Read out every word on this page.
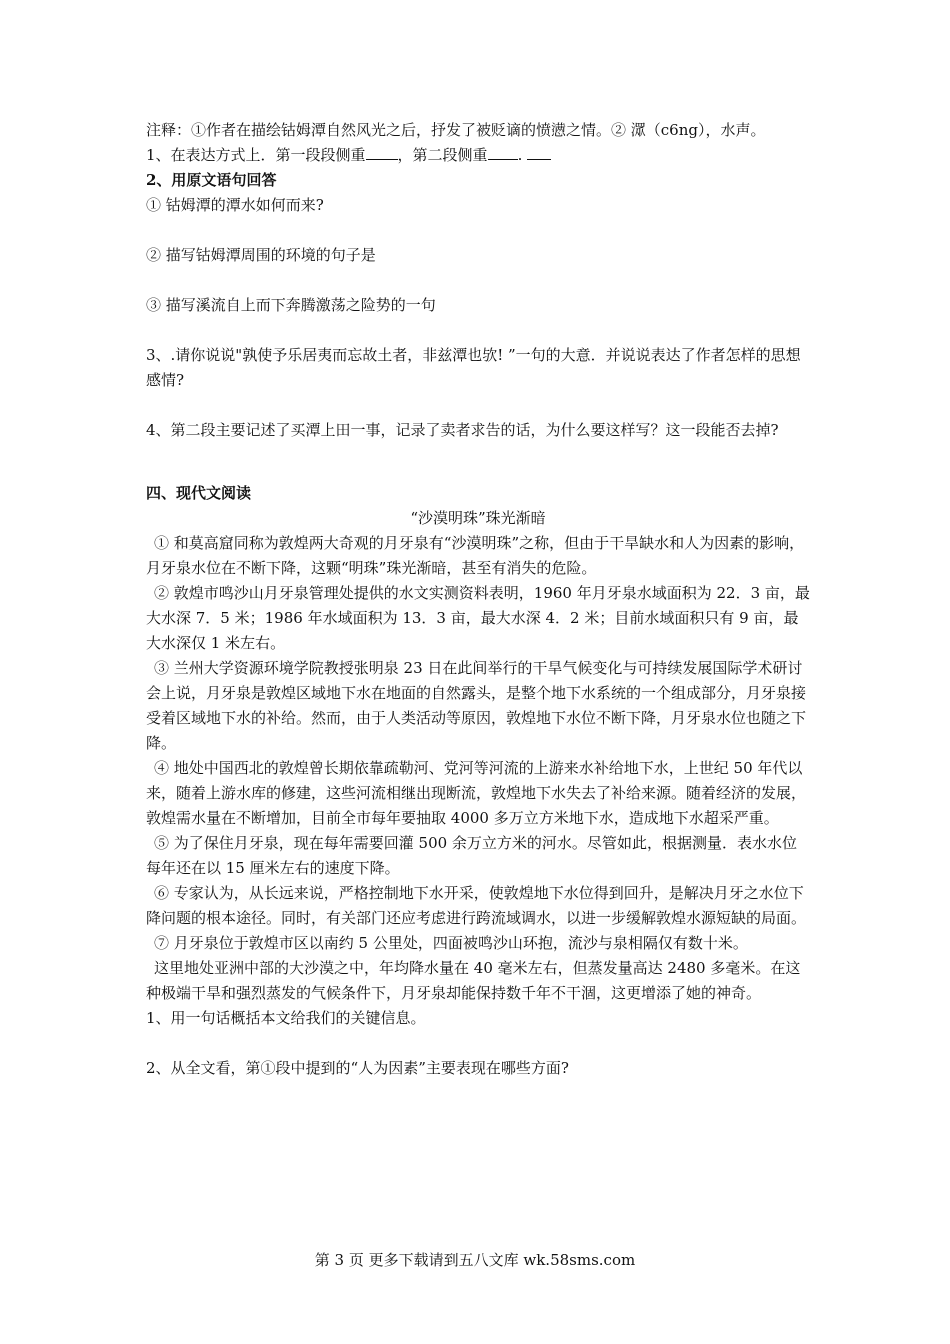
注释：①作者在描绘钴姆潭自然风光之后，抒发了被贬谪的愤懑之情。② 潀（c6ng），水声。

1、在表达方式上．第一段段侧重 ，第二段侧重 .

2、用原文语句回答

① 钴姆潭的潭水如何而来?

② 描写钴姆潭周围的环境的句子是

③ 描写溪流自上而下奔腾激荡之险势的一句

3、.请你说说"孰使予乐居夷而忘故土者，非兹潭也欤! ”一句的大意．并说说表达了作者怎样的思想感情?

4、第二段主要记述了买潭上田一事，记录了卖者求告的话，为什么要这样写？这一段能否去掉?

四、现代文阅读

“沙漠明珠”珠光渐暗

① 和莫高窟同称为敦煌两大奇观的月牙泉有“沙漠明珠”之称，但由于干旱缺水和人为因素的影响，月牙泉水位在不断下降，这颗“明珠”珠光渐暗，甚至有消失的危险。

② 敦煌市鸣沙山月牙泉管理处提供的水文实测资料表明，1960 年月牙泉水域面积为 22．3 亩，最大水深 7．5 米；1986 年水域面积为 13．3 亩，最大水深 4．2 米；目前水域面积只有 9 亩，最大水深仅 1 米左右。

③ 兰州大学资源环境学院教授张明泉 23 日在此间举行的干旱气候变化与可持续发展国际学术研讨会上说，月牙泉是敦煌区域地下水在地面的自然露头，是整个地下水系统的一个组成部分，月牙泉接受着区域地下水的补给。然而，由于人类活动等原因，敦煌地下水位不断下降，月牙泉水位也随之下降。

④ 地处中国西北的敦煌曾长期依靠疏勒河、党河等河流的上游来水补给地下水，上世纪 50 年代以来，随着上游水库的修建，这些河流相继出现断流，敦煌地下水失去了补给来源。随着经济的发展，敦煌需水量在不断增加，目前全市每年要抽取 4000 多万立方米地下水，造成地下水超采严重。

⑤ 为了保住月牙泉，现在每年需要回灌 500 余万立方米的河水。尽管如此，根据测量．表水水位每年还在以 15 厘米左右的速度下降。

⑥ 专家认为，从长远来说，严格控制地下水开采，使敦煌地下水位得到回升，是解决月牙之水位下降问题的根本途径。同时，有关部门还应考虑进行跨流域调水，以进一步缓解敦煌水源短缺的局面。

⑦ 月牙泉位于敦煌市区以南约 5 公里处，四面被鸣沙山环抱，流沙与泉相隔仅有数十米。

这里地处亚洲中部的大沙漠之中，年均降水量在 40 毫米左右，但蒸发量高达 2480 多毫米。在这种极端干旱和强烈蒸发的气候条件下，月牙泉却能保持数千年不干涸，这更增添了她的神奇。

1、用一句话概括本文给我们的关键信息。

2、从全文看，第①段中提到的“人为因素”主要表现在哪些方面?

第 3 页 更多下载请到五八文库 wk.58sms.com
